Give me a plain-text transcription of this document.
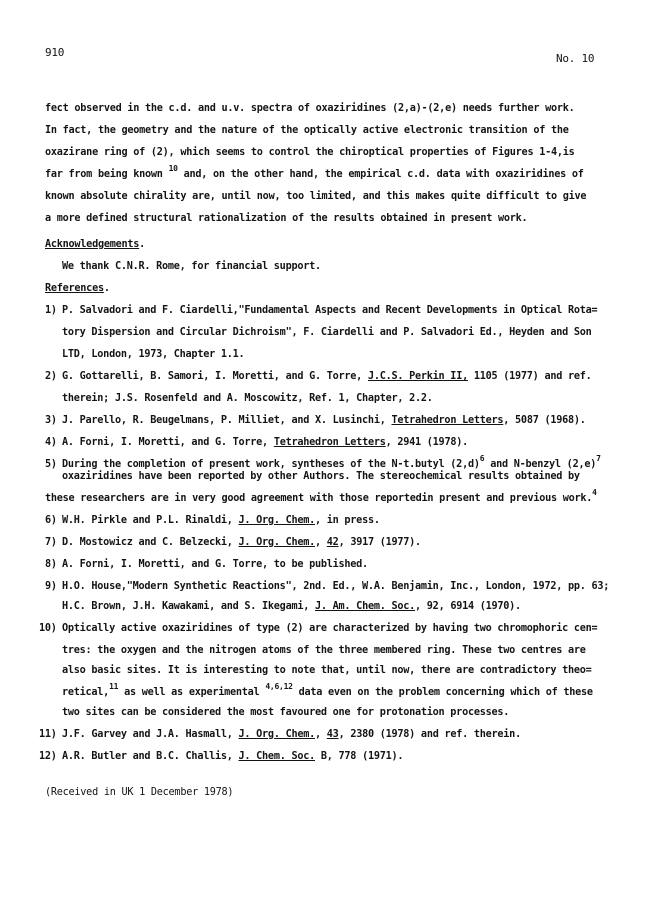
910	No. 10
fect observed in the c.d. and u.v. spectra of oxaziridines (2,a)-(2,e) needs further work.
In fact, the geometry and the nature of the optically active electronic transition of the
oxazirane ring of (2), which seems to control the chiroptical properties of Figures 1-4,is
far from being known $^{10}$ and, on the other hand, the empirical c.d. data with oxaziridines of
known absolute chirality are, until now, too limited, and this makes quite difficult to give
a more defined structural rationalization of the results obtained in present work.
Acknowledgements.
We thank C.N.R. Rome, for financial support.
References.
1) P. Salvadori and F. Ciardelli,"Fundamental Aspects and Recent Developments in Optical Rota=
tory Dispersion and Circular Dichroism", F. Ciardelli and P. Salvadori Ed., Heyden and Son
LTD, London, 1973, Chapter 1.1.
2) G. Gottarelli, B. Samori, I. Moretti, and G. Torre, J.C.S. Perkin II, 1105 (1977) and ref.
therein; J.S. Rosenfeld and A. Moscowitz, Ref. 1, Chapter, 2.2.
3) J. Parello, R. Beugelmans, P. Milliet, and X. Lusinchi, Tetrahedron Letters, 5087 (1968).
4) A. Forni, I. Moretti, and G. Torre, Tetrahedron Letters, 2941 (1978).
5) During the completion of present work, syntheses of the N-t.butyl $(2,d)^6$ and N-benzyl $(2,e)^7$
oxaziridines have been reported by other Authors. The stereochemical results obtained by
these researchers are in very good agreement with those reportedin present and previous work.$^4$
6) W.H. Pirkle and P.L. Rinaldi, J. Org. Chem., in press.
7) D. Mostowicz and C. Belzecki, J. Org. Chem., 42, 3917 (1977).
8) A. Forni, I. Moretti, and G. Torre, to be published.
9) H.O. House,"Modern Synthetic Reactions", 2nd. Ed., W.A. Benjamin, Inc., London, 1972, pp. 63;
H.C. Brown, J.H. Kawakami, and S. Ikegami, J. Am. Chem. Soc., 92, 6914 (1970).
10) Optically active oxaziridines of type (2) are characterized by having two chromophoric cen=
tres: the oxygen and the nitrogen atoms of the three membered ring. These two centres are
also basic sites. It is interesting to note that, until now, there are contradictory theo=
retical,$^{11}$ as well as experimental $^{4,6,12}$ data even on the problem concerning which of these
two sites can be considered the most favoured one for protonation processes.
11) J.F. Garvey and J.A. Hasmall, J. Org. Chem., 43, 2380 (1978) and ref. therein.
12) A.R. Butler and B.C. Challis, J. Chem. Soc. B, 778 (1971).
(Received in UK 1 December 1978)
